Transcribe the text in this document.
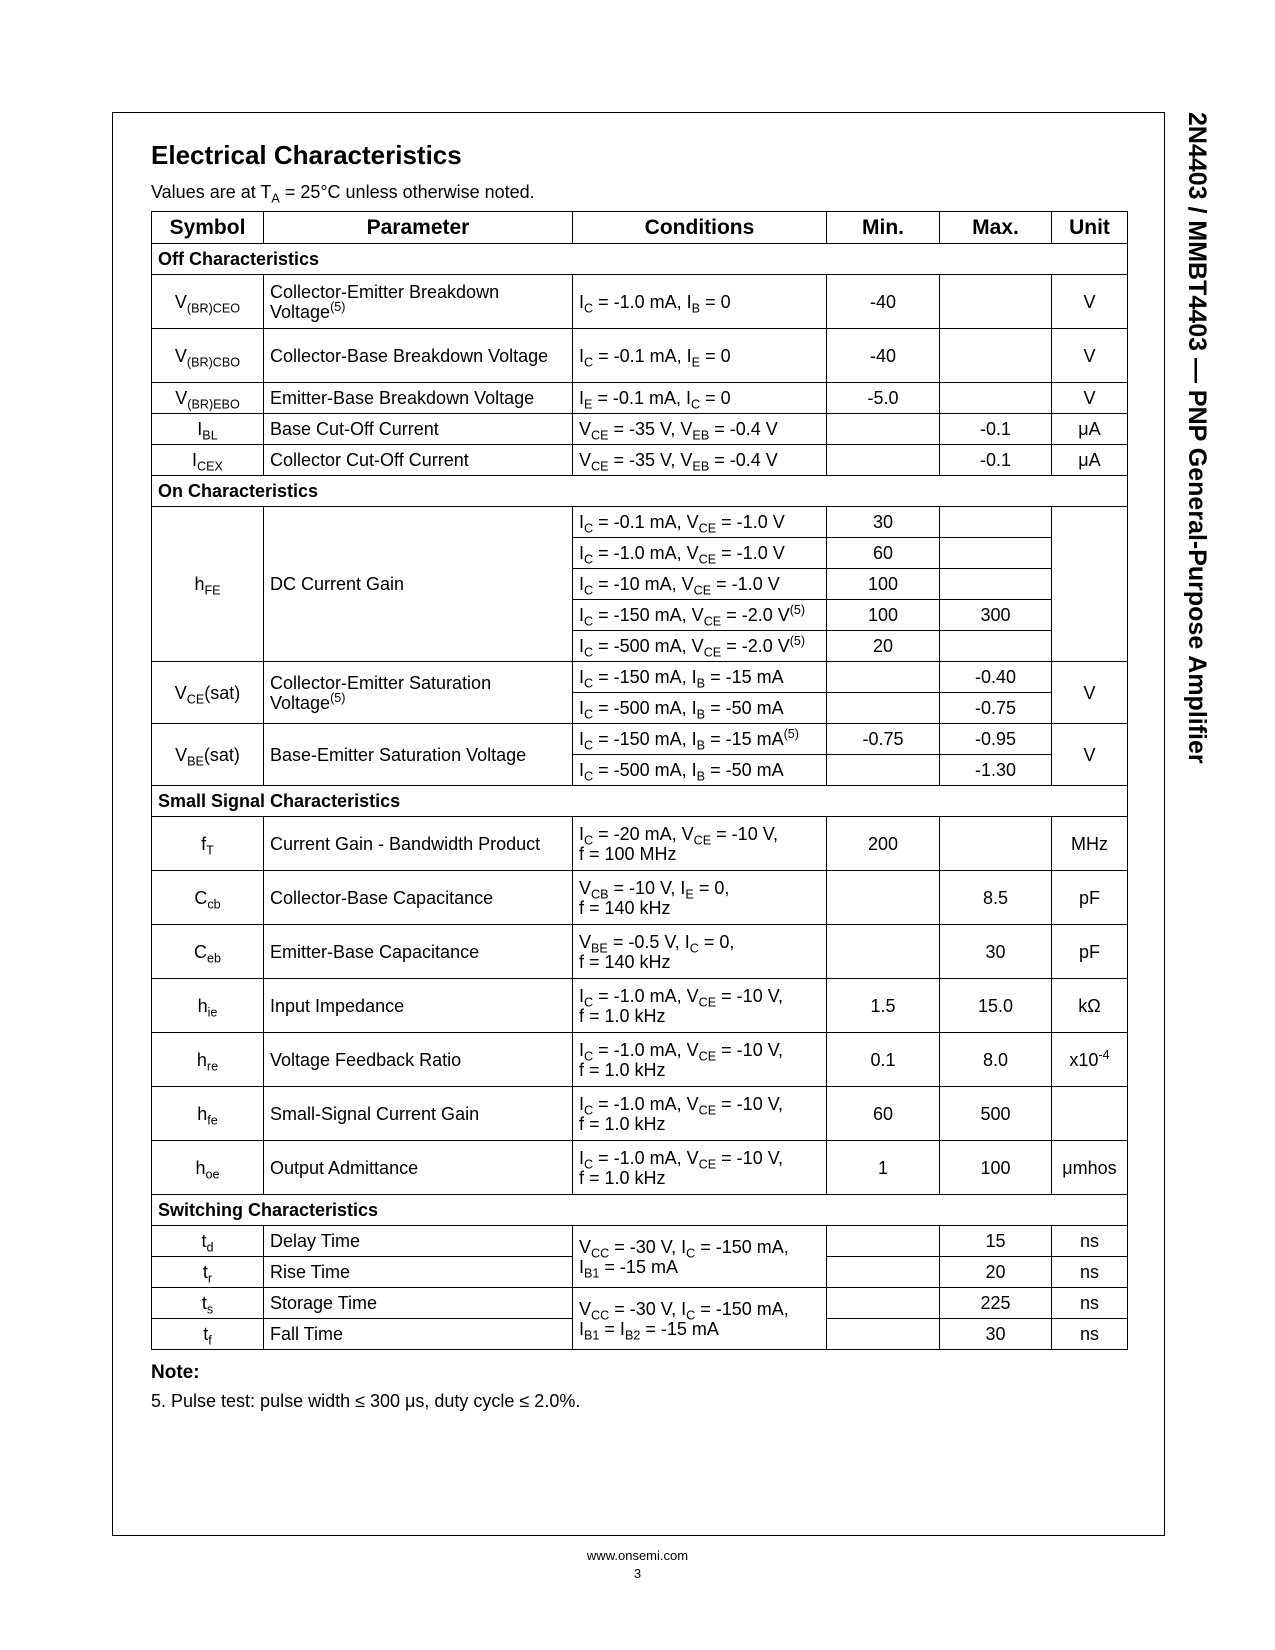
2N4403 / MMBT4403 — PNP General-Purpose Amplifier
Electrical Characteristics
Values are at $T_A = 25^\circ C$ unless otherwise noted.
Symbol	Parameter	Conditions	Min.	Max.	Unit
Off Characteristics					
$V_{(BR)CEO}$	Collector-Emitter Breakdown Voltage$^{(5)}$	$I_C = -1.0$ mA, $I_B = 0$	-40		V
$V_{(BR)CBO}$	Collector-Base Breakdown Voltage	$I_C = -0.1$ mA, $I_E = 0$	-40		V
$V_{(BR)EBO}$	Emitter-Base Breakdown Voltage	$I_E = -0.1$ mA, $I_C = 0$	-5.0		V
$I_{BL}$	Base Cut-Off Current	$V_{CE} = -35$ V, $V_{EB} = -0.4$ V		-0.1	μA
$I_{CEX}$	Collector Cut-Off Current	$V_{CE} = -35$ V, $V_{EB} = -0.4$ V		-0.1	μA
On Characteristics					
$h_{FE}$	DC Current Gain	$I_C = -0.1$ mA, $V_{CE} = -1.0$ V	30		
		$I_C = -1.0$ mA, $V_{CE} = -1.0$ V	60		
		$I_C = -10$ mA, $V_{CE} = -1.0$ V	100		
		$I_C = -150$ mA, $V_{CE} = -2.0$ $V^{(5)}$	100	300	
		$I_C = -500$ mA, $V_{CE} = -2.0$ $V^{(5)}$	20		
$V_{CE}(sat)$	Collector-Emitter Saturation Voltage$^{(5)}$	$I_C = -150$ mA, $I_B = -15$ mA		-0.40	V
		$I_C = -500$ mA, $I_B = -50$ mA		-0.75	
$V_{BE}(sat)$	Base-Emitter Saturation Voltage	$I_C = -150$ mA, $I_B = -15$ $mA^{(5)}$	-0.75	-0.95	V
		$I_C = -500$ mA, $I_B = -50$ mA		-1.30	
Small Signal Characteristics					
$f_T$	Current Gain - Bandwidth Product	$I_C = -20$ mA, $V_{CE} = -10$ V,
f = 100 MHz	200		MHz
$C_{cb}$	Collector-Base Capacitance	$V_{CB} = -10$ V, $I_E = 0$,
f = 140 kHz		8.5	pF
$C_{eb}$	Emitter-Base Capacitance	$V_{BE} = -0.5$ V, $I_C = 0$,
f = 140 kHz		30	pF
$h_{ie}$	Input Impedance	$I_C = -1.0$ mA, $V_{CE} = -10$ V,
f = 1.0 kHz	1.5	15.0	kΩ
$h_{re}$	Voltage Feedback Ratio	$I_C = -1.0$ mA, $V_{CE} = -10$ V,
f = 1.0 kHz	0.1	8.0	$x10^{-4}$
$h_{fe}$	Small-Signal Current Gain	$I_C = -1.0$ mA, $V_{CE} = -10$ V,
f = 1.0 kHz	60	500	
$h_{oe}$	Output Admittance	$I_C = -1.0$ mA, $V_{CE} = -10$ V,
f = 1.0 kHz	1	100	μmhos
Switching Characteristics					
$t_d$	Delay Time	$V_{CC} = -30$ V, $I_C = -150$ mA,
$I_{B1} = -15$ mA		15	ns
$t_r$	Rise Time			20	ns
$t_s$	Storage Time	$V_{CC} = -30$ V, $I_C = -150$ mA,
$I_{B1} = I_{B2} = -15$ mA		225	ns
$t_f$	Fall Time			30	ns
Note:
5. Pulse test: pulse width ≤ 300 μs, duty cycle ≤ 2.0%.
www.onsemi.com
3
